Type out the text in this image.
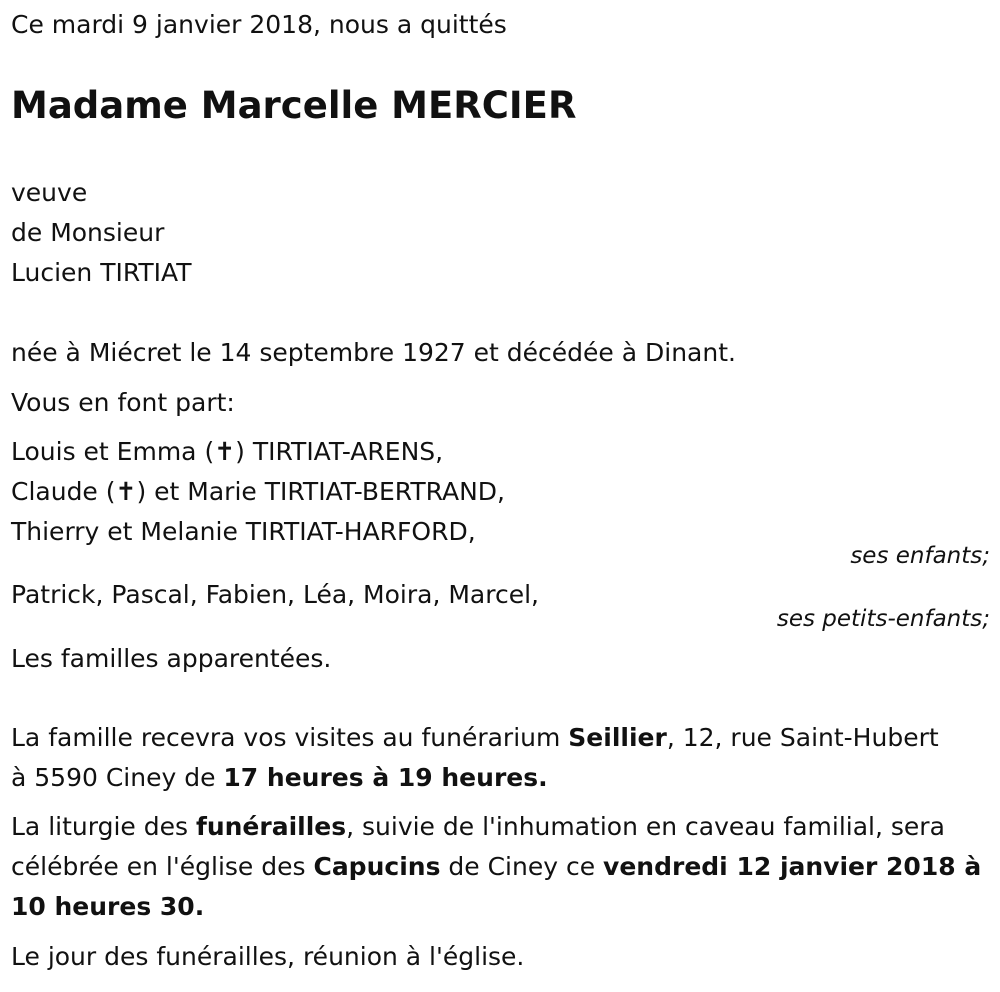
Ce mardi 9 janvier 2018, nous a quittés

Madame Marcelle MERCIER

veuve

de Monsieur

Lucien TIRTIAT

née à Miécret le 14 septembre 1927 et décédée à Dinant.

Vous en font part:

Louis et Emma (✝) TIRTIAT-ARENS,

Claude (✝) et Marie TIRTIAT-BERTRAND,

Thierry et Melanie TIRTIAT-HARFORD,

ses enfants;

Patrick, Pascal, Fabien, Léa, Moira, Marcel,

ses petits-enfants;

Les familles apparentées.

La famille recevra vos visites au funérarium Seillier, 12, rue Saint-Hubert

à 5590 Ciney de 17 heures à 19 heures.

La liturgie des funérailles, suivie de l'inhumation en caveau familial, sera

célébrée en l'église des Capucins de Ciney ce vendredi 12 janvier 2018 à

10 heures 30.

Le jour des funérailles, réunion à l'église.
